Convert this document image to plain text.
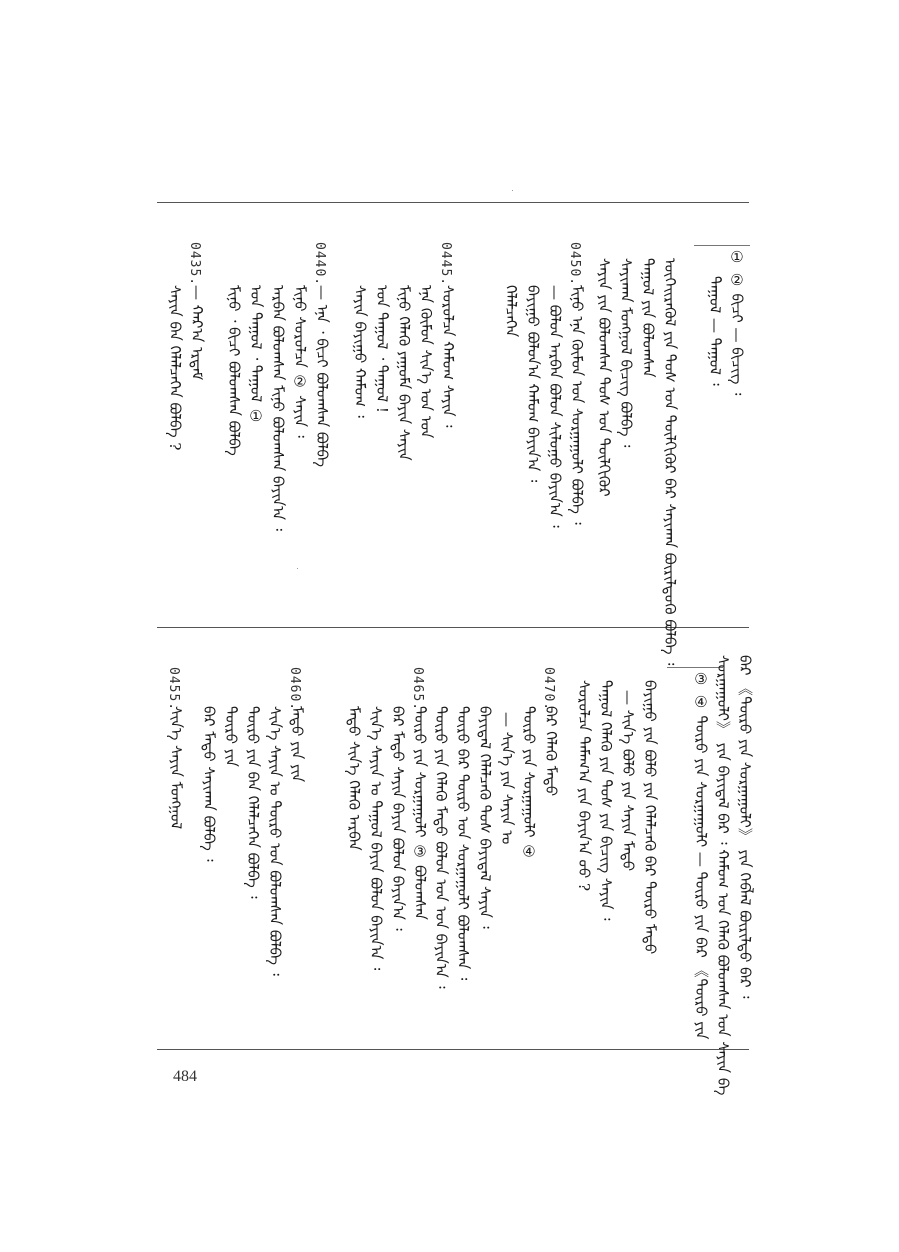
① ② ᠪᠢᠴᠢ — ᠪᠢᠴᠢᠭ ᠄
ᠲᠠᠭᠤᠯ — ᠲᠠᠭᠤᠯ ᠄
ᠦᠭᠡᠢᠷᠡᠭᠦᠯ ᠶᠢᠨ ᠲᠤᠰ ᠤᠨ ᠲᠦᠯᠬᠢᠭᠦᠷ ᠪᠠᠷ ᠰᠠᠶᠢᠬᠠᠨ ᠪᠦᠷᠢᠯᠳᠦᠬᠦ ᠪᠣᠯᠪᠠ ᠄
ᠳᠠᠭᠤᠯ ᠶᠢᠨ ᠪᠣᠯᠤᠭᠰᠠᠨ
ᠰᠠᠶᠢᠬᠠᠨ ᠮᠣᠩᠭᠤᠯ ᠪᠢᠴᠢᠭ ᠪᠣᠯᠪᠠ ᠄
ᠰᠠᠶᠢᠨ ᠶᠢᠨ ᠪᠣᠯᠤᠭᠰᠠᠨ ᠲᠤᠰ ᠤᠨ ᠲᠦᠯᠬᠢᠭᠦᠷ
0450.
ᠮᠢᠨᠤ ᠡᠨᠡ ᠬᠦᠮᠦᠨ ᠤᠨ ᠰᠤᠷᠭᠠᠭᠤᠯᠢ ᠪᠣᠯᠪᠠ ᠄
— ᠪᠣᠯᠤᠨ ᠠᠷᠪᠠᠨ ᠪᠣᠯᠤᠨ ᠰᠢᠯᠤᠭᠤ ᠪᠠᠶᠢᠨ᠎ᠠ ᠄
ᠪᠠᠶᠢᠭᠤ ᠪᠣᠯᠤᠨ᠎ᠠ ᠬᠠᠮᠤᠭ ᠪᠠᠶᠢᠨ᠎ᠠ ᠄
ᠬᠡᠯᠡᠯᠴᠡᠭᠡᠨ
0445.
ᠰᠤᠷᠤᠯᠴᠠ ᠬᠠᠮᠤᠭ ᠰᠠᠶᠢᠨ ᠄
ᠡᠨᠡ ᠬᠦᠮᠦᠨ ᠰᠢᠨ᠎ᠡ ᠤᠨ ᠤᠨ
ᠮᠢᠨᠤ ᠬᠡᠯᠡᠬᠦ ᠶᠠᠭᠤᠮᠠ ᠪᠠᠶᠢᠨ ᠰᠠᠶᠢᠨ
ᠤᠨ ᠲᠠᠭᠤᠯ ᠂ ᠲᠠᠭᠤᠯ !
ᠰᠠᠶᠢᠨ ᠪᠠᠶᠢᠭᠤ ᠬᠠᠮᠤᠭ ᠄
0440.
— ᠡᠨᠡ ᠂ ᠪᠢᠴᠢ ᠪᠣᠯᠤᠭᠰᠠᠨ ᠪᠣᠯᠪᠠ
ᠮᠢᠨᠤ ᠰᠤᠷᠤᠯᠴᠠ ② ᠰᠠᠶᠢᠨ ᠄
ᠠᠷᠪᠠᠨ ᠪᠣᠯᠤᠭᠰᠠᠨ ᠮᠢᠨᠤ ᠪᠣᠯᠤᠭᠰᠠᠨ ᠪᠠᠶᠢᠨ᠎ᠠ ᠄
ᠤᠨ ᠲᠠᠭᠤᠯ ᠂ ᠲᠠᠭᠤᠯ ①
ᠮᠢᠨᠤ ᠂ ᠪᠢᠴᠢ ᠪᠣᠯᠤᠭᠰᠠᠨ ᠪᠣᠯᠪᠠ
0435.
— ᠬᠠᠷ᠎ᠠ ᠡᠷᠳᠡᠮ
ᠰᠠᠶᠢᠨ ᠪᠠᠨ ᠬᠡᠯᠡᠯᠴᠡᠭᠡᠨ ᠪᠣᠯᠪᠠ ?
ᠪᠠᠷ 《ᠲᠦᠷᠦ ᠶᠢᠨ ᠰᠤᠷᠭᠠᠭᠤᠯᠢ》 ᠶᠢᠨ ᠬᠡᠪᠯᠡᠯ ᠪᠦᠷᠢᠯᠳᠦ ᠪᠠᠷ ᠄
ᠰᠤᠷᠭᠠᠭᠤᠯᠢ》 ᠶᠢᠨ ᠪᠠᠶᠢᠳᠠᠯ ᠪᠠᠷ ᠄ ᠬᠠᠮᠤᠭ ᠤᠨ ᠬᠡᠯᠡᠬᠦ ᠪᠣᠯᠤᠭᠰᠠᠨ ᠤᠨ ᠰᠠᠶᠢᠨ ᠪᠠ
③ ④ ᠲᠦᠷᠦ ᠶᠢᠨ ᠰᠤᠷᠭᠠᠭᠤᠯᠢ — ᠲᠦᠷᠦ ᠶᠢᠨ ᠪᠠᠷ 《ᠲᠦᠷᠦ ᠶᠢᠨ
ᠪᠠᠶᠢᠭᠤ ᠶᠢᠨ ᠪᠣᠯᠤ ᠶᠢᠨ ᠬᠡᠯᠡᠯᠴᠡᠬᠦ ᠪᠠᠷ ᠲᠦᠷᠦ ᠮᠠᠲᠤ
— ᠰᠢᠨ᠎ᠡ ᠪᠣᠯᠤ ᠶᠢᠨ ᠰᠠᠶᠢᠨ ᠮᠠᠲᠤ
ᠳᠠᠭᠤᠯ ᠬᠡᠯᠡᠬᠦ ᠶᠢᠨ ᠲᠤᠰ ᠶᠢᠨ ᠪᠢᠴᠢᠭ ᠰᠠᠶᠢᠨ ᠄
ᠰᠤᠷᠤᠯᠴᠠ ᠲᠠᠮᠠᠭ᠎ᠠ ᠶᠢᠨ ᠪᠠᠶᠢᠨ᠎ᠠ ᠤᠤ ?
0470.
ᠪᠠᠷ ᠬᠡᠯᠡᠬᠦ ᠮᠠᠲᠤ
ᠲᠦᠷᠦ ᠶᠢᠨ ᠰᠤᠷᠭᠠᠭᠤᠯᠢ ④
— ᠰᠢᠨ᠎ᠡ ᠶᠢᠨ ᠰᠠᠶᠢᠨ ᠤ
ᠪᠠᠶᠢᠳᠠᠯ ᠬᠡᠯᠡᠯᠴᠡᠬᠦ ᠲᠤᠰ ᠪᠠᠶᠢᠳᠠᠯ ᠰᠠᠶᠢᠨ ᠄
ᠲᠦᠷᠦ ᠪᠠᠷ ᠲᠦᠷᠦ ᠤᠨ ᠰᠤᠷᠭᠠᠭᠤᠯᠢ ᠪᠣᠯᠤᠭᠰᠠᠨ ᠄
ᠲᠦᠷᠦ ᠶᠢᠨ ᠬᠡᠯᠡᠬᠦ ᠮᠠᠲᠤ ᠪᠣᠯᠤᠨ ᠤᠨ ᠤᠨ ᠪᠠᠶᠢᠨ᠎ᠠ ᠄
0465.
ᠲᠦᠷᠦ ᠶᠢᠨ ᠰᠤᠷᠭᠠᠭᠤᠯᠢ ③ ᠪᠣᠯᠤᠭᠰᠠᠨ
ᠪᠠᠷ ᠮᠠᠲᠤ ᠰᠠᠶᠢᠨ ᠪᠠᠶᠢᠨ ᠪᠣᠯᠤᠨ ᠪᠠᠶᠢᠨ᠎ᠠ ᠄
ᠰᠢᠨ᠎ᠡ ᠰᠠᠶᠢᠨ ᠤ ᠲᠠᠭᠤᠯ ᠪᠠᠶᠢᠨ ᠪᠣᠯᠤᠨ ᠪᠠᠶᠢᠨ᠎ᠠ ᠄
ᠮᠠᠲᠤ ᠰᠢᠨ᠎ᠡ ᠬᠡᠯᠡᠬᠦ ᠠᠷᠪᠠᠨ
0460.
ᠮᠠᠲᠤ ᠶᠢᠨ ᠶᠢᠨ
ᠰᠢᠨ᠎ᠡ ᠰᠠᠶᠢᠨ ᠤ ᠲᠦᠷᠦ ᠤᠨ ᠪᠣᠯᠤᠭᠰᠠᠨ ᠪᠣᠯᠪᠠ ᠄
ᠲᠦᠷᠦ ᠶᠢᠨ ᠪᠠᠨ ᠬᠡᠯᠡᠯᠴᠡᠭᠡᠨ ᠪᠣᠯᠪᠠ ᠄
ᠲᠦᠷᠦ ᠶᠢᠨ
ᠪᠠᠷ ᠮᠠᠲᠤ ᠰᠠᠶᠢᠬᠠᠨ ᠪᠣᠯᠪᠠ ᠄
0455.
ᠰᠢᠨ᠎ᠡ ᠰᠠᠶᠢᠨ ᠮᠣᠩᠭᠤᠯ
484
